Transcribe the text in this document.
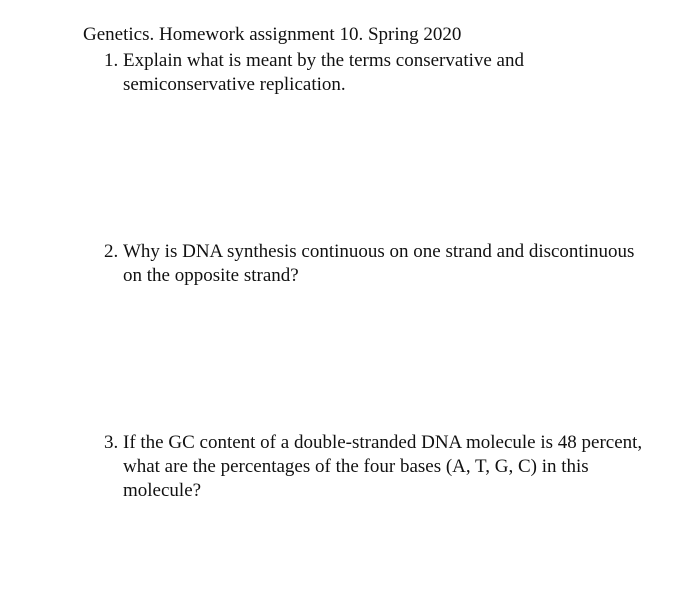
Genetics. Homework assignment 10. Spring 2020
1. Explain what is meant by the terms conservative and semiconservative replication.
2. Why is DNA synthesis continuous on one strand and discontinuous on the opposite strand?
3. If the GC content of a double-stranded DNA molecule is 48 percent, what are the percentages of the four bases (A, T, G, C) in this molecule?
